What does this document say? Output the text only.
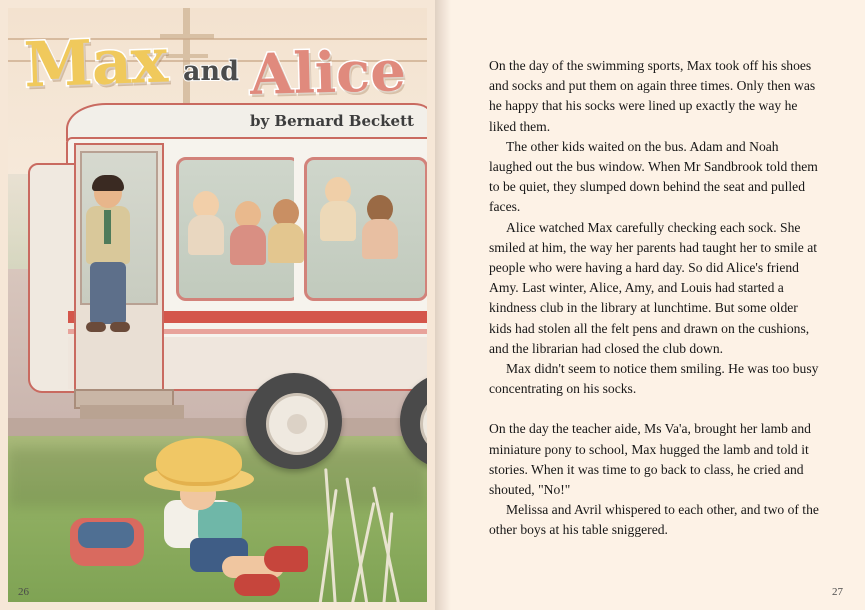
Max and Alice
by Bernard Beckett
26

On the day of the swimming sports, Max took off his shoes and socks and put them on again three times. Only then was he happy that his socks were lined up exactly the way he liked them.

The other kids waited on the bus. Adam and Noah laughed out the bus window. When Mr Sandbrook told them to be quiet, they slumped down behind the seat and pulled faces.

Alice watched Max carefully checking each sock. She smiled at him, the way her parents had taught her to smile at people who were having a hard day. So did Alice's friend Amy. Last winter, Alice, Amy, and Louis had started a kindness club in the library at lunchtime. But some older kids had stolen all the felt pens and drawn on the cushions, and the librarian had closed the club down.

Max didn't seem to notice them smiling. He was too busy concentrating on his socks.

On the day the teacher aide, Ms Va'a, brought her lamb and miniature pony to school, Max hugged the lamb and told it stories. When it was time to go back to class, he cried and shouted, "No!"

Melissa and Avril whispered to each other, and two of the other boys at his table sniggered.

27
